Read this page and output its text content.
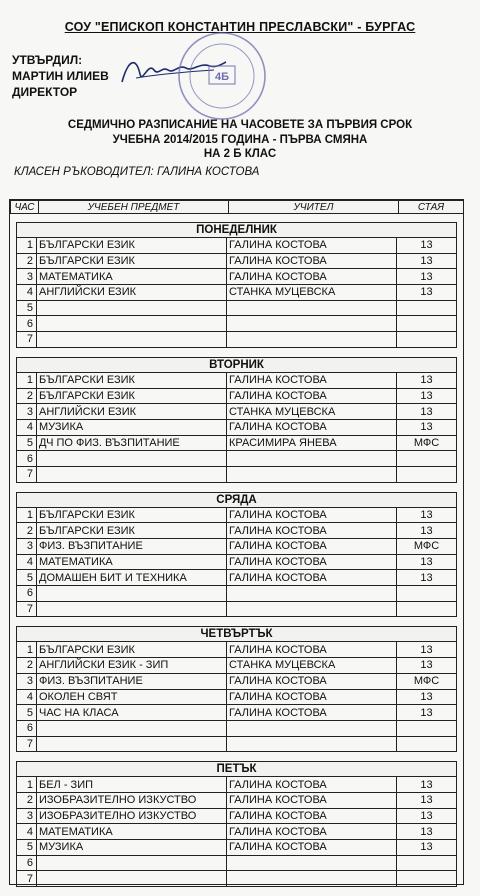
СОУ "ЕПИСКОП КОНСТАНТИН ПРЕСЛАВСКИ" - БУРГАС
УТВЪРДИЛ:
МАРТИН ИЛИЕВ
ДИРЕКТОР
4Б
СЕДМИЧНО РАЗПИСАНИЕ НА ЧАСОВЕТЕ ЗА ПЪРВИЯ СРОК
УЧЕБНА 2014/2015 ГОДИНА - ПЪРВА СМЯНА
НА 2 Б КЛАС
КЛАСЕН РЪКОВОДИТЕЛ: ГАЛИНА КОСТОВА
ЧАС	УЧЕБЕН ПРЕДМЕТ	УЧИТЕЛ	СТАЯ
ПОНЕДЕЛНИК			
1	БЪЛГАРСКИ ЕЗИК	ГАЛИНА КОСТОВА	13
2	БЪЛГАРСКИ ЕЗИК	ГАЛИНА КОСТОВА	13
3	МАТЕМАТИКА	ГАЛИНА КОСТОВА	13
4	АНГЛИЙСКИ ЕЗИК	СТАНКА МУЦЕВСКА	13
5			
6			
7			
ВТОРНИК			
1	БЪЛГАРСКИ ЕЗИК	ГАЛИНА КОСТОВА	13
2	БЪЛГАРСКИ ЕЗИК	ГАЛИНА КОСТОВА	13
3	АНГЛИЙСКИ ЕЗИК	СТАНКА МУЦЕВСКА	13
4	МУЗИКА	ГАЛИНА КОСТОВА	13
5	ДЧ ПО ФИЗ. ВЪЗПИТАНИЕ	КРАСИМИРА ЯНЕВА	МФС
6			
7			
СРЯДА			
1	БЪЛГАРСКИ ЕЗИК	ГАЛИНА КОСТОВА	13
2	БЪЛГАРСКИ ЕЗИК	ГАЛИНА КОСТОВА	13
3	ФИЗ. ВЪЗПИТАНИЕ	ГАЛИНА КОСТОВА	МФС
4	МАТЕМАТИКА	ГАЛИНА КОСТОВА	13
5	ДОМАШЕН БИТ И ТЕХНИКА	ГАЛИНА КОСТОВА	13
6			
7			
ЧЕТВЪРТЪК			
1	БЪЛГАРСКИ ЕЗИК	ГАЛИНА КОСТОВА	13
2	АНГЛИЙСКИ ЕЗИК - ЗИП	СТАНКА МУЦЕВСКА	13
3	ФИЗ. ВЪЗПИТАНИЕ	ГАЛИНА КОСТОВА	МФС
4	ОКОЛЕН СВЯТ	ГАЛИНА КОСТОВА	13
5	ЧАС НА КЛАСА	ГАЛИНА КОСТОВА	13
6			
7			
ПЕТЪК			
1	БЕЛ - ЗИП	ГАЛИНА КОСТОВА	13
2	ИЗОБРАЗИТЕЛНО ИЗКУСТВО	ГАЛИНА КОСТОВА	13
3	ИЗОБРАЗИТЕЛНО ИЗКУСТВО	ГАЛИНА КОСТОВА	13
4	МАТЕМАТИКА	ГАЛИНА КОСТОВА	13
5	МУЗИКА	ГАЛИНА КОСТОВА	13
6			
7			
